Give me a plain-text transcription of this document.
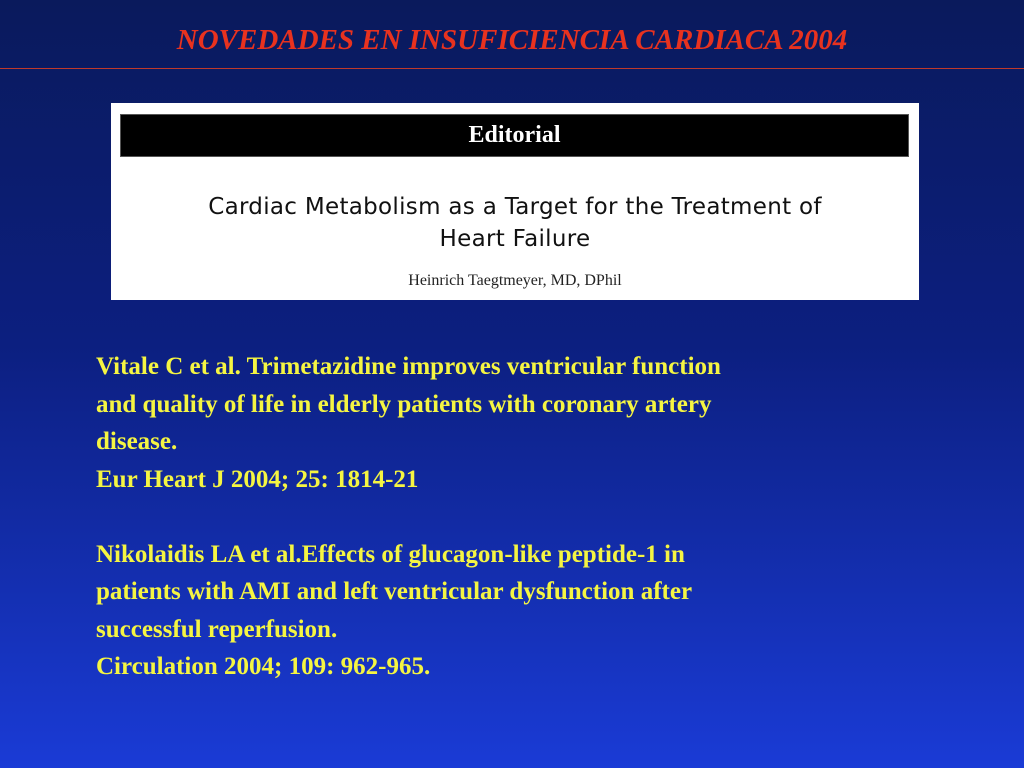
NOVEDADES EN INSUFICIENCIA CARDIACA 2004
Editorial
Cardiac Metabolism as a Target for the Treatment of
Heart Failure
Heinrich Taegtmeyer, MD, DPhil
Vitale C et al. Trimetazidine improves ventricular function
and quality of life in elderly patients with coronary artery
disease.
Eur Heart J 2004; 25: 1814-21
Nikolaidis LA et al.Effects of glucagon-like peptide-1 in
patients with AMI and left ventricular dysfunction after
successful reperfusion.
Circulation 2004; 109: 962-965.
